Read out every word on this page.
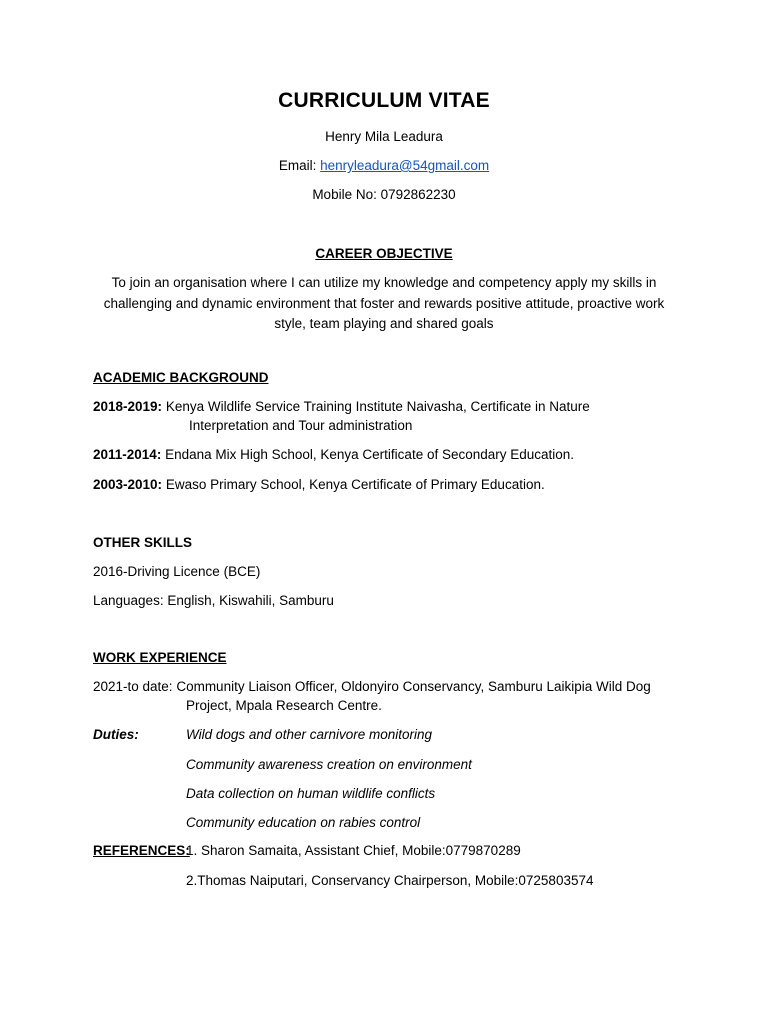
CURRICULUM VITAE
Henry Mila Leadura
Email: henryleadura@54gmail.com
Mobile No: 0792862230
CAREER OBJECTIVE
To join an organisation where I can utilize my knowledge and competency apply my skills in challenging and dynamic environment that foster and rewards positive attitude, proactive work style, team playing and shared goals
ACADEMIC BACKGROUND
2018-2019: Kenya Wildlife Service Training Institute Naivasha, Certificate in Nature
Interpretation and Tour administration
2011-2014: Endana Mix High School, Kenya Certificate of Secondary Education.
2003-2010: Ewaso Primary School, Kenya Certificate of Primary Education.
OTHER SKILLS
2016-Driving Licence (BCE)
Languages: English, Kiswahili, Samburu
WORK EXPERIENCE
2021-to date: Community Liaison Officer, Oldonyiro Conservancy, Samburu Laikipia Wild Dog
Project, Mpala Research Centre.
Duties:	Wild dogs and other carnivore monitoring
Community awareness creation on environment
Data collection on human wildlife conflicts
Community education on rabies control
REFERENCES:
1. Sharon Samaita, Assistant Chief, Mobile:0779870289
2.Thomas Naiputari, Conservancy Chairperson, Mobile:0725803574
